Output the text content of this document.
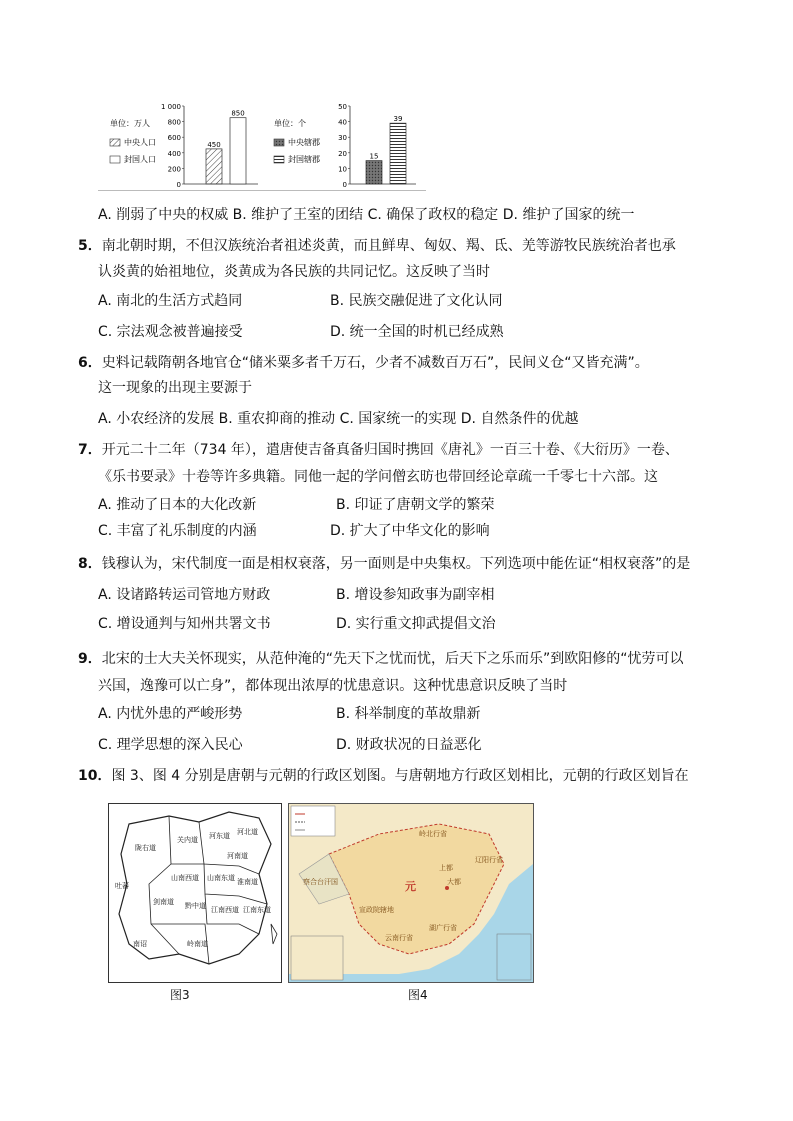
单位：万人
中央人口
封国人口
1 000
800
600
400
200
0
450
850
单位：个
中央辖郡
封国辖郡
50
40
30
20
10
0
15
39
A. 削弱了中央的权威 B. 维护了王室的团结 C. 确保了政权的稳定 D. 维护了国家的统一
5．南北朝时期，不但汉族统治者祖述炎黄，而且鲜卑、匈奴、羯、氐、羌等游牧民族统治者也承
认炎黄的始祖地位，炎黄成为各民族的共同记忆。这反映了当时
A. 南北的生活方式趋同	B. 民族交融促进了文化认同
C. 宗法观念被普遍接受	D. 统一全国的时机已经成熟
6．史料记载隋朝各地官仓“储米粟多者千万石，少者不减数百万石”，民间义仓“又皆充满”。
这一现象的出现主要源于
A. 小农经济的发展 B. 重农抑商的推动 C. 国家统一的实现 D. 自然条件的优越
7．开元二十二年（734 年），遣唐使吉备真备归国时携回《唐礼》一百三十卷、《大衍历》一卷、
《乐书要录》十卷等许多典籍。同他一起的学问僧玄昉也带回经论章疏一千零七十六部。这
A. 推动了日本的大化改新	B. 印证了唐朝文学的繁荣
C. 丰富了礼乐制度的内涵	D. 扩大了中华文化的影响
8．钱穆认为，宋代制度一面是相权衰落，另一面则是中央集权。下列选项中能佐证“相权衰落”的是
A. 设诸路转运司管地方财政	B. 增设参知政事为副宰相
C. 增设通判与知州共署文书	D. 实行重文抑武提倡文治
9．北宋的士大夫关怀现实，从范仲淹的“先天下之忧而忧，后天下之乐而乐”到欧阳修的“忧劳可以
兴国，逸豫可以亡身”，都体现出浓厚的忧患意识。这种忧患意识反映了当时
A. 内忧外患的严峻形势	B. 科举制度的革故鼎新
C. 理学思想的深入民心	D. 财政状况的日益恶化
10．图 3、图 4 分别是唐朝与元朝的行政区划图。与唐朝地方行政区划相比，元朝的行政区划旨在
关内道 河东道 河北道
河南道
山南西道 山南东道 淮南道
陇右道
剑南道 黔中道 江南西道 江南东道
岭南道
吐蕃
南诏
图3
岭北行省
察合台汗国	元	大都
上都
辽阳行省
宣政院辖地
云南行省
湖广行省
图4
